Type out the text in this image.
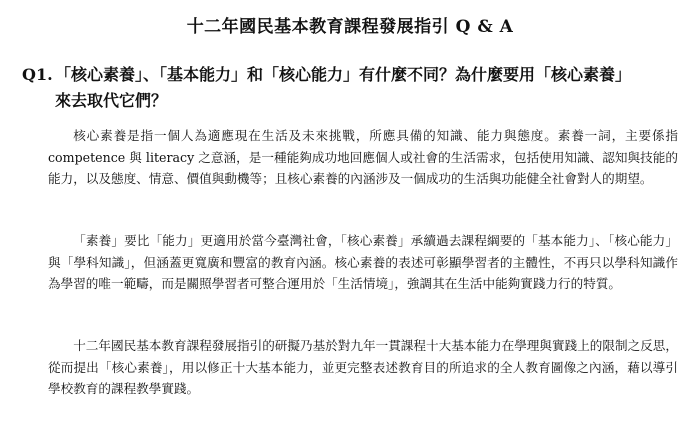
十二年國民基本教育課程發展指引 Q & A
Q1. 「核心素養」、「基本能力」和「核心能力」有什麼不同？為什麼要用「核心素養」
來去取代它們？

核心素養是指一個人為適應現在生活及未來挑戰，所應具備的知識、能力與態度。素養一詞，主要係指 competence 與 literacy 之意涵，是一種能夠成功地回應個人或社會的生活需求，包括使用知識、認知與技能的能力，以及態度、情意、價值與動機等；且核心素養的內涵涉及一個成功的生活與功能健全社會對人的期望。

「素養」要比「能力」更適用於當今臺灣社會，「核心素養」承續過去課程綱要的「基本能力」、「核心能力」與「學科知識」，但涵蓋更寬廣和豐富的教育內涵。核心素養的表述可彰顯學習者的主體性，不再只以學科知識作為學習的唯一範疇，而是關照學習者可整合運用於「生活情境」，強調其在生活中能夠實踐力行的特質。

十二年國民基本教育課程發展指引的研擬乃基於對九年一貫課程十大基本能力在學理與實踐上的限制之反思，從而提出「核心素養」，用以修正十大基本能力，並更完整表述教育目的所追求的全人教育圖像之內涵，藉以導引學校教育的課程教學實踐。
